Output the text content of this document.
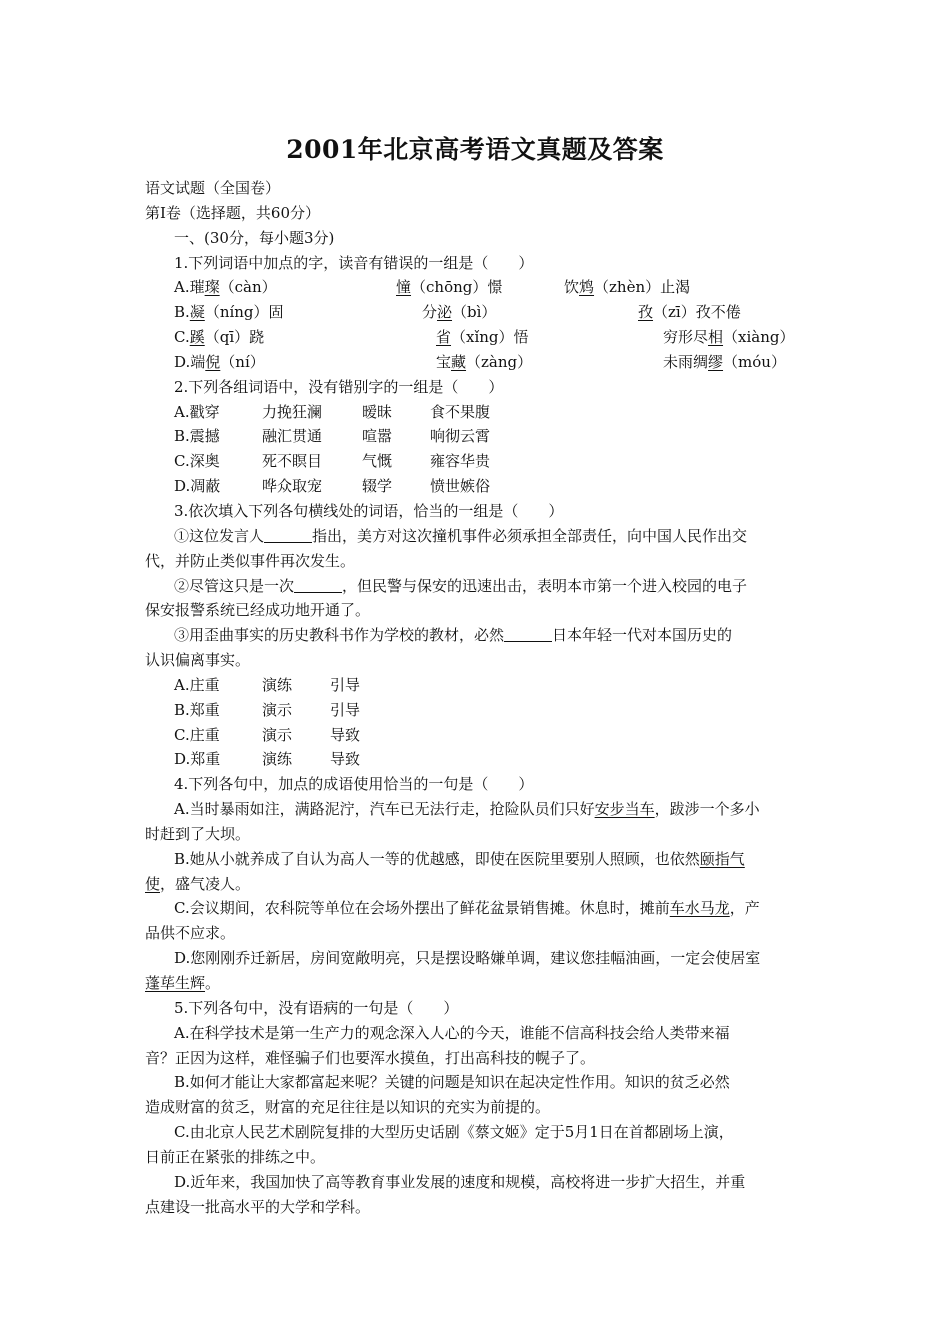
2001年北京高考语文真题及答案
语文试题（全国卷）
第Ⅰ卷（选择题，共60分）
一、(30分，每小题3分)
1.下列词语中加点的字，读音有错误的一组是（　　）
A.璀璨（càn）	憧（chōng）憬	饮鸩（zhèn）止渴
B.凝（níng）固	分泌（bì）	孜（zī）孜不倦
C.蹊（qī）跷	省（xǐng）悟	穷形尽相（xiàng）
D.端倪（ní）	宝藏（zàng）	未雨绸缪（móu）
2.下列各组词语中，没有错别字的一组是（　　）
A.戳穿	力挽狂澜	暧昧	食不果腹
B.震撼	融汇贯通	喧嚣	响彻云霄
C.深奥	死不瞑目	气慨	雍容华贵
D.凋蔽	哗众取宠	辍学	愤世嫉俗
3.依次填入下列各句横线处的词语，恰当的一组是（　　）
①这位发言人	指出，美方对这次撞机事件必须承担全部责任，向中国人民作出交
代，并防止类似事件再次发生。
②尽管这只是一次	，但民警与保安的迅速出击，表明本市第一个进入校园的电子
保安报警系统已经成功地开通了。
③用歪曲事实的历史教科书作为学校的教材，必然	日本年轻一代对本国历史的
认识偏离事实。
A.庄重	演练	引导
B.郑重	演示	引导
C.庄重	演示	导致
D.郑重	演练	导致
4.下列各句中，加点的成语使用恰当的一句是（　　）
A.当时暴雨如注，满路泥泞，汽车已无法行走，抢险队员们只好安步当车，跋涉一个多小
时赶到了大坝。
B.她从小就养成了自认为高人一等的优越感，即使在医院里要别人照顾，也依然颐指气
使，盛气凌人。
C.会议期间，农科院等单位在会场外摆出了鲜花盆景销售摊。休息时，摊前车水马龙，产
品供不应求。
D.您刚刚乔迁新居，房间宽敞明亮，只是摆设略嫌单调，建议您挂幅油画，一定会使居室
蓬荜生辉。
5.下列各句中，没有语病的一句是（　　）
A.在科学技术是第一生产力的观念深入人心的今天，谁能不信高科技会给人类带来福
音？正因为这样，难怪骗子们也要浑水摸鱼，打出高科技的幌子了。
B.如何才能让大家都富起来呢？关键的问题是知识在起决定性作用。知识的贫乏必然
造成财富的贫乏，财富的充足往往是以知识的充实为前提的。
C.由北京人民艺术剧院复排的大型历史话剧《蔡文姬》定于5月1日在首都剧场上演，
日前正在紧张的排练之中。
D.近年来，我国加快了高等教育事业发展的速度和规模，高校将进一步扩大招生，并重
点建设一批高水平的大学和学科。
